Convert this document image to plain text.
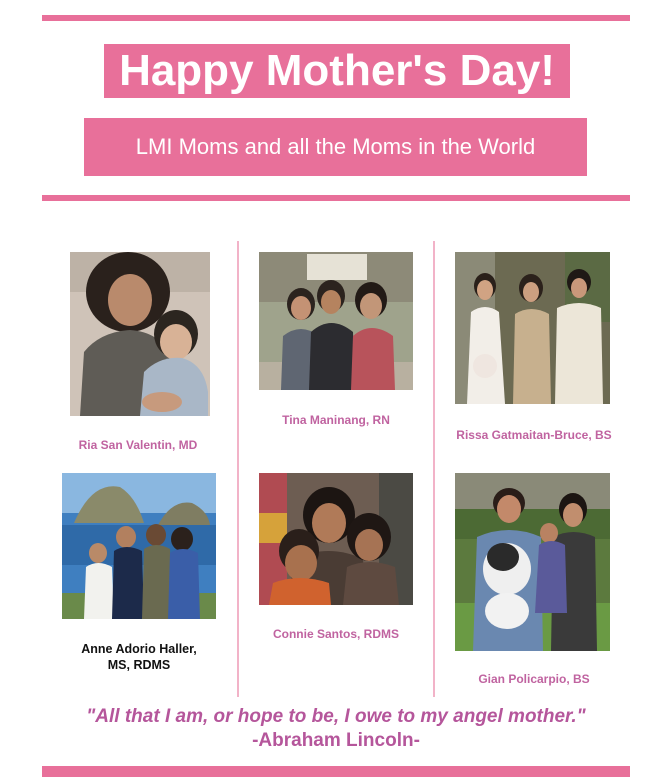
Happy Mother's Day!
LMI Moms and all the Moms in the World
Ria San Valentin, MD
Tina Maninang, RN
Rissa Gatmaitan-Bruce, BS
Anne Adorio Haller,
MS, RDMS
Connie Santos, RDMS
Gian Policarpio, BS
"All that I am, or hope to be, I owe to my angel mother."
-Abraham Lincoln-
